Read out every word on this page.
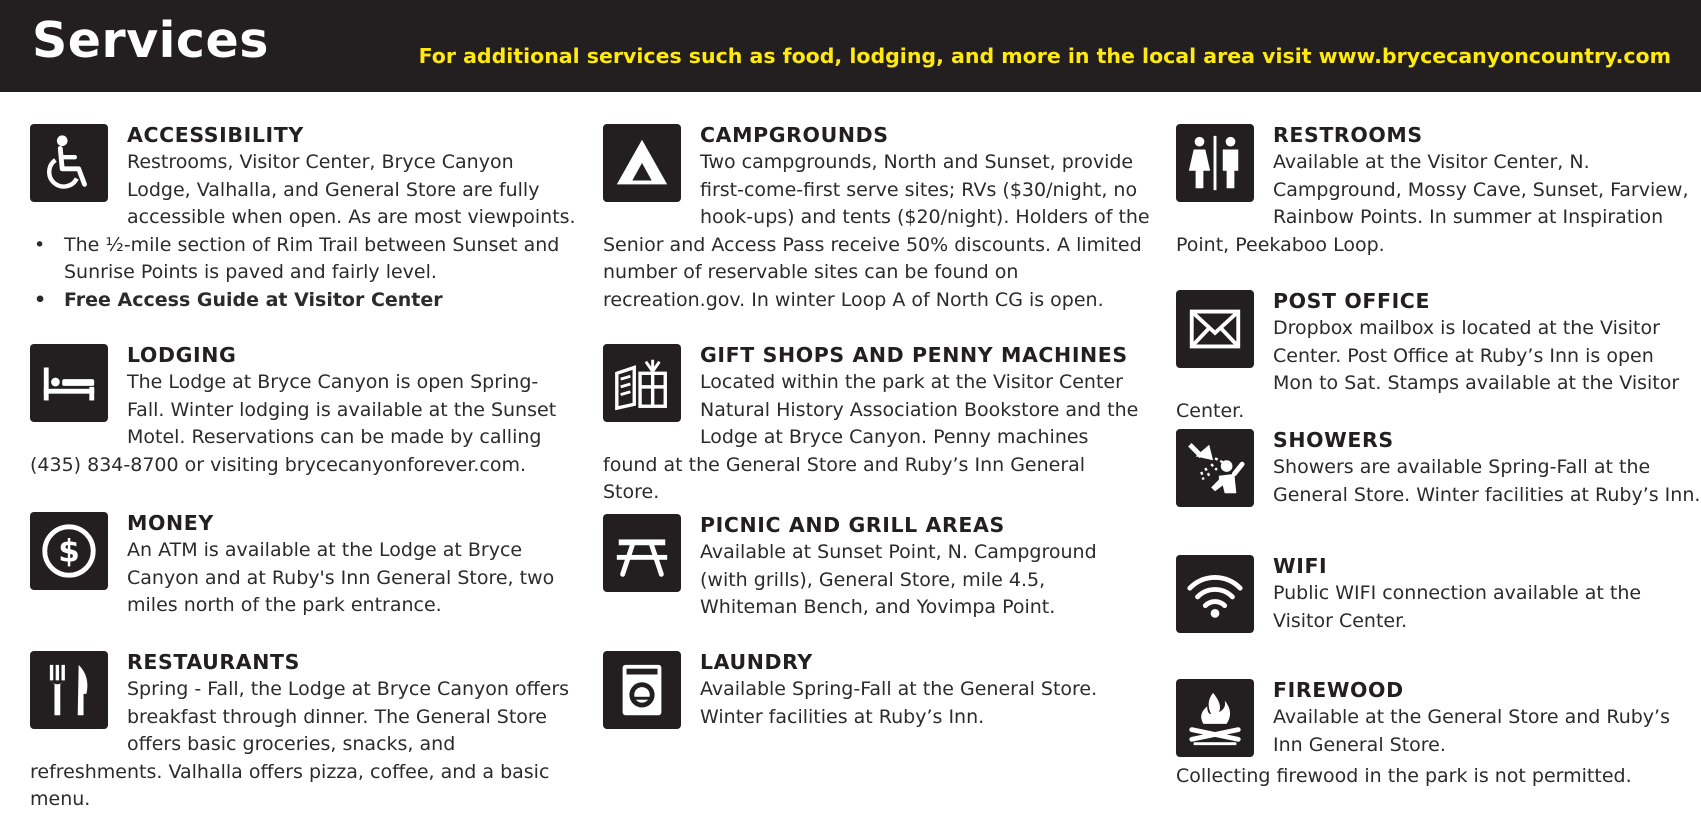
Services	For additional services such as food, lodging, and more in the local area visit www.brycecanyoncountry.com
ACCESSIBILITY
Restrooms, Visitor Center, Bryce Canyon Lodge, Valhalla, and General Store are fully accessible when open. As are most viewpoints.
• The ½-mile section of Rim Trail between Sunset and Sunrise Points is paved and fairly level.
• Free Access Guide at Visitor Center
LODGING
The Lodge at Bryce Canyon is open Spring-Fall. Winter lodging is available at the Sunset Motel. Reservations can be made by calling (435) 834-8700 or visiting brycecanyonforever.com.
$
MONEY
An ATM is available at the Lodge at Bryce Canyon and at Ruby's Inn General Store, two miles north of the park entrance.
RESTAURANTS
Spring - Fall, the Lodge at Bryce Canyon offers breakfast through dinner. The General Store offers basic groceries, snacks, and refreshments. Valhalla offers pizza, coffee, and a basic menu.
CAMPGROUNDS
Two campgrounds, North and Sunset, provide first-come-first serve sites; RVs ($30/night, no hook-ups) and tents ($20/night). Holders of the Senior and Access Pass receive 50% discounts. A limited number of reservable sites can be found on recreation.gov. In winter Loop A of North CG is open.
GIFT SHOPS AND PENNY MACHINES
Located within the park at the Visitor Center Natural History Association Bookstore and the Lodge at Bryce Canyon. Penny machines found at the General Store and Ruby’s Inn General Store.
PICNIC AND GRILL AREAS
Available at Sunset Point, N. Campground (with grills), General Store, mile 4.5, Whiteman Bench, and Yovimpa Point.
LAUNDRY
Available Spring-Fall at the General Store. Winter facilities at Ruby’s Inn.
RESTROOMS
Available at the Visitor Center, N. Campground, Mossy Cave, Sunset, Farview, Rainbow Points. In summer at Inspiration Point, Peekaboo Loop.
POST OFFICE
Dropbox mailbox is located at the Visitor Center. Post Office at Ruby’s Inn is open Mon to Sat. Stamps available at the Visitor Center.
SHOWERS
Showers are available Spring-Fall at the General Store. Winter facilities at Ruby’s Inn.
WIFI
Public WIFI connection available at the Visitor Center.
FIREWOOD
Available at the General Store and Ruby’s Inn General Store.
Collecting firewood in the park is not permitted.
